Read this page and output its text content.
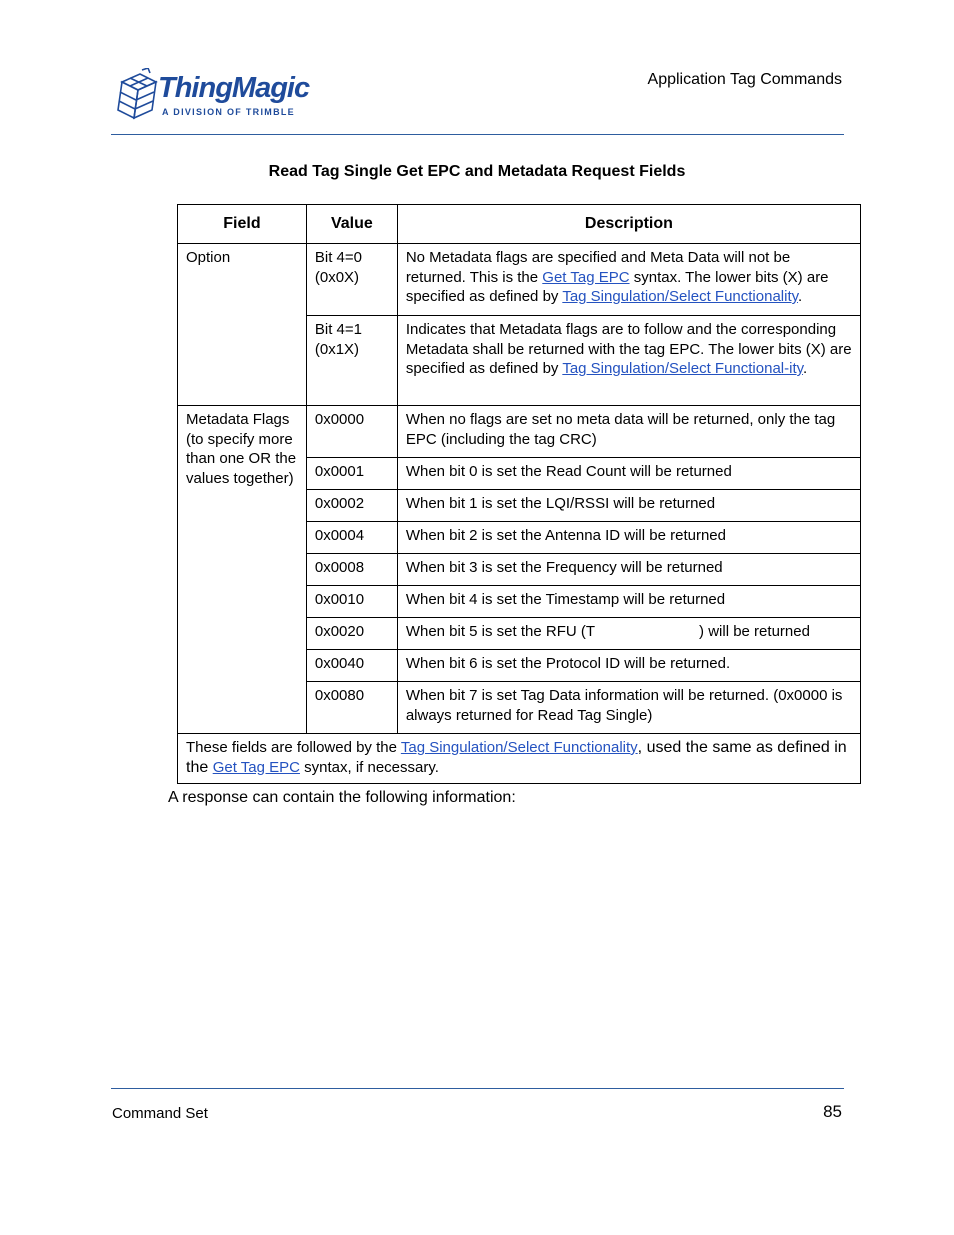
ThingMagic
A DIVISION OF TRIMBLE
Application Tag Commands
Read Tag Single Get EPC and Metadata Request Fields
Field	Value	Description
Option	Bit 4=0 (0x0X)	No Metadata flags are specified and Meta Data will not be returned. This is the Get Tag EPC syntax. The lower bits (X) are specified as defined by Tag Singulation/Select Functionality.
	Bit 4=1 (0x1X)	Indicates that Metadata flags are to follow and the corresponding Metadata shall be returned with the tag EPC. The lower bits (X) are specified as defined by Tag Singulation/Select Functional-ity.
Metadata Flags (to specify more than one OR the values together)	0x0000	When no flags are set no meta data will be returned, only the tag EPC (including the tag CRC)
	0x0001	When bit 0 is set the Read Count will be returned
	0x0002	When bit 1 is set the LQI/RSSI will be returned
	0x0004	When bit 2 is set the Antenna ID will be returned
	0x0008	When bit 3 is set the Frequency will be returned
	0x0010	When bit 4 is set the Timestamp will be returned
	0x0020	When bit 5 is set the RFU (T ) will be returned
	0x0040	When bit 6 is set the Protocol ID will be returned.
	0x0080	When bit 7 is set Tag Data information will be returned. (0x0000 is always returned for Read Tag Single)
These fields are followed by the Tag Singulation/Select Functionality, used the same as defined in the Get Tag EPC syntax, if necessary.		
A response can contain the following information:
Command Set	85
